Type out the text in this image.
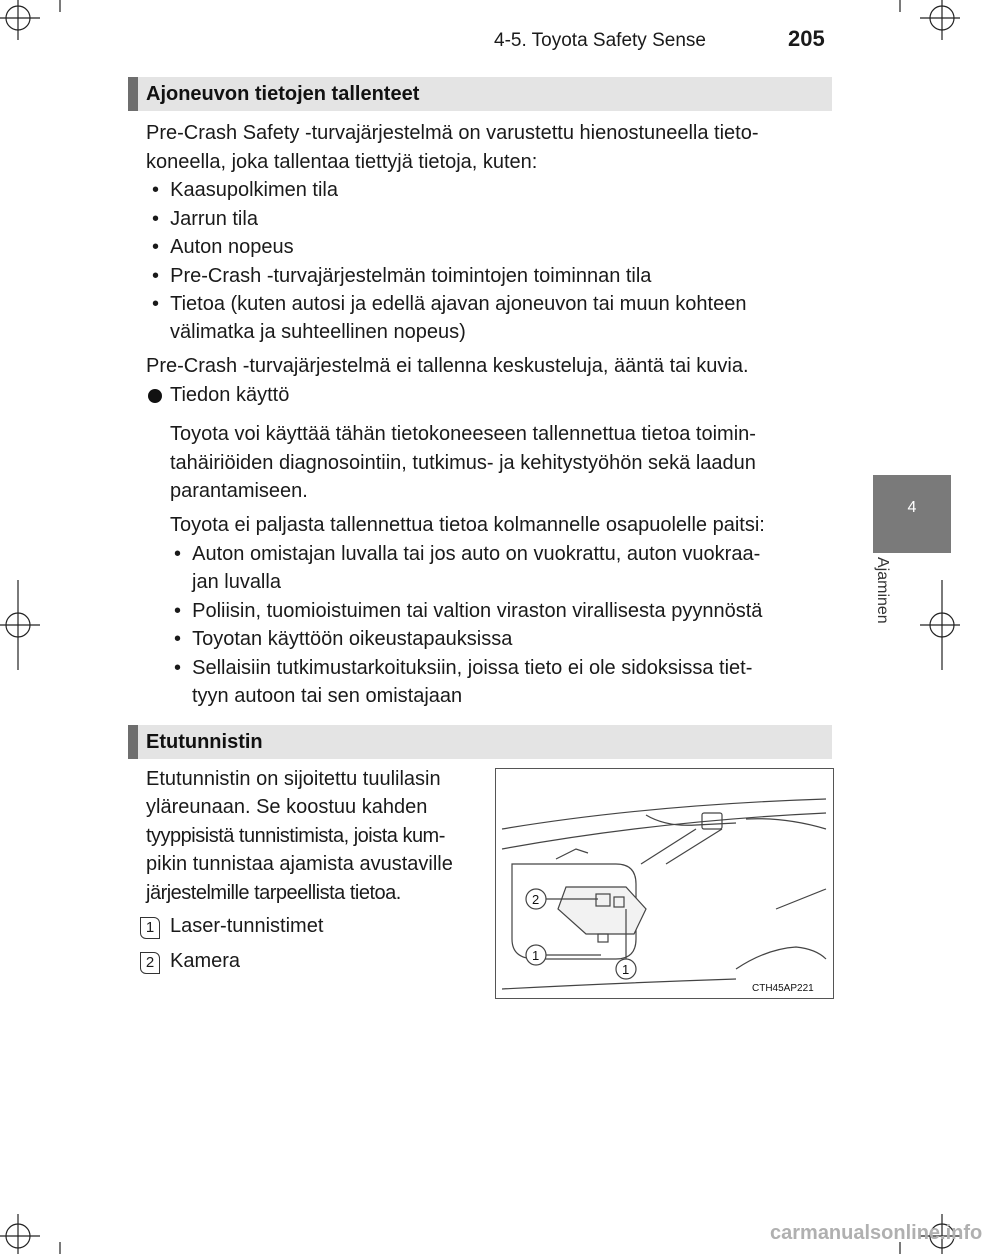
4-5. Toyota Safety Sense	205
4
Ajaminen
Ajoneuvon tietojen tallenteet
Pre-Crash Safety -turvajärjestelmä on varustettu hienostuneella tieto-
koneella, joka tallentaa tiettyjä tietoja, kuten:
•  Kaasupolkimen tila
•  Jarrun tila
•  Auton nopeus
•  Pre-Crash -turvajärjestelmän toimintojen toiminnan tila
•  Tietoa (kuten autosi ja edellä ajavan ajoneuvon tai muun kohteen
välimatka ja suhteellinen nopeus)
Pre-Crash -turvajärjestelmä ei tallenna keskusteluja, ääntä tai kuvia.
Tiedon käyttö
Toyota voi käyttää tähän tietokoneeseen tallennettua tietoa toimin-
tahäiriöiden diagnosointiin, tutkimus- ja kehitystyöhön sekä laadun
parantamiseen.
Toyota ei paljasta tallennettua tietoa kolmannelle osapuolelle paitsi:
•  Auton omistajan luvalla tai jos auto on vuokrattu, auton vuokraa-
jan luvalla
•  Poliisin, tuomioistuimen tai valtion viraston virallisesta pyynnöstä
•  Toyotan käyttöön oikeustapauksissa
•  Sellaisiin tutkimustarkoituksiin, joissa tieto ei ole sidoksissa tiet-
tyyn autoon tai sen omistajaan
Etutunnistin
Etutunnistin on sijoitettu tuulilasin
yläreunaan. Se koostuu kahden
tyyppisistä tunnistimista, joista kum-
pikin tunnistaa ajamista avustaville
järjestelmille tarpeellista tietoa.
1 Laser-tunnistimet
2 Kamera
2
1
1
CTH45AP221
carmanualsonline.info
